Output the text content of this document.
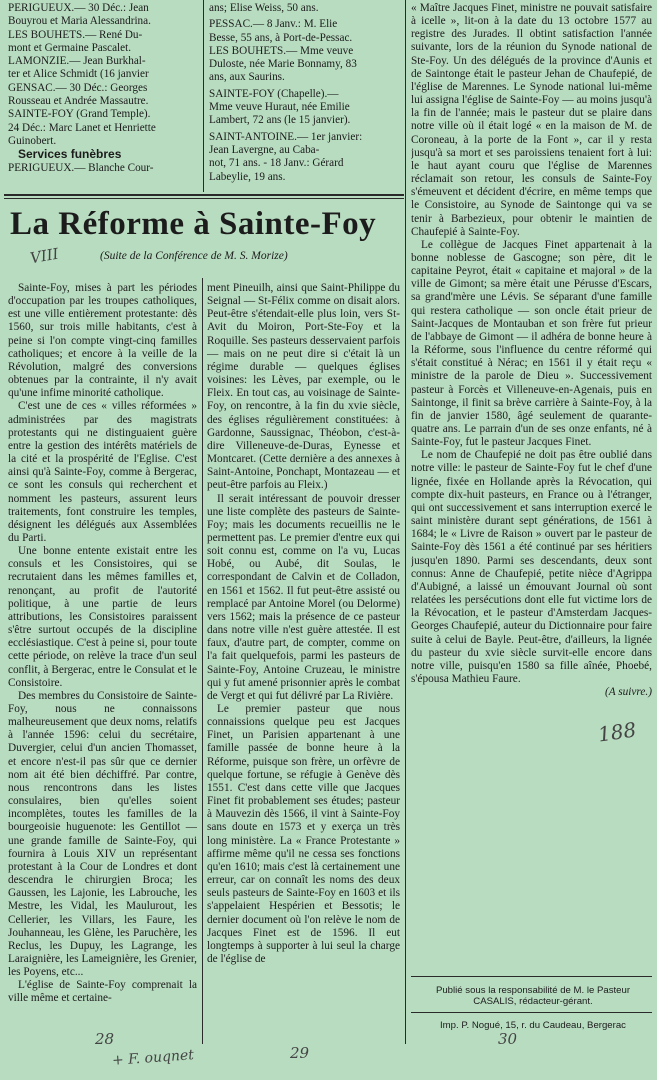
PERIGUEUX.— 30 Déc.: Jean
Bouyrou et Maria Alessandrina.
LES BOUHETS.— René Du-
mont et Germaine Pascalet.
LAMONZIE.— Jean Burkhal-
ter et Alice Schmidt (16 janvier
GENSAC.— 30 Déc.: Georges
Rousseau et Andrée Massautre.
SAINTE-FOY (Grand Temple).
24 Déc.: Marc Lanet et Henriette
Guinobert.
Services funèbres
PERIGUEUX.— Blanche Cour-
ans; Elise Weiss, 50 ans.
PESSAC.— 8 Janv.: M. Elie
Besse, 55 ans, à Port-de-Pessac.
LES BOUHETS.— Mme veuve
Duloste, née Marie Bonnamy, 83
ans, aux Saurins.
SAINTE-FOY (Chapelle).—
Mme veuve Huraut, née Emilie
Lambert, 72 ans (le 15 janvier).
SAINT-ANTOINE.— 1er janvier:
Jean Lavergne, au Caba-
not, 71 ans. - 18 Janv.: Gérard
Labeylie, 19 ans.
La Réforme à Sainte-Foy
(Suite de la Conférence de M. S. Morize)

Sainte-Foy, mises à part les périodes d'occupation par les troupes catholiques, est une ville entièrement protestante: dès 1560, sur trois mille habitants, c'est à peine si l'on compte vingt-cinq familles catholiques; et encore à la veille de la Révolution, malgré des conversions obtenues par la contrainte, il n'y avait qu'une infime minorité catholique.

C'est une de ces « villes réformées » administrées par des magistrats protestants qui ne distinguaient guère entre la gestion des intérêts matériels de la cité et la prospérité de l'Eglise. C'est ainsi qu'à Sainte-Foy, comme à Bergerac, ce sont les consuls qui recherchent et nomment les pasteurs, assurent leurs traitements, font construire les temples, désignent les délégués aux Assemblées du Parti.

Une bonne entente existait entre les consuls et les Consistoires, qui se recrutaient dans les mêmes familles et, renonçant, au profit de l'autorité politique, à une partie de leurs attributions, les Consistoires paraissent s'être surtout occupés de la discipline ecclésiastique. C'est à peine si, pour toute cette période, on relève la trace d'un seul conflit, à Bergerac, entre le Consulat et le Consistoire.

Des membres du Consistoire de Sainte-Foy, nous ne connaissons malheureusement que deux noms, relatifs à l'année 1596: celui du secrétaire, Duvergier, celui d'un ancien Thomasset, et encore n'est-il pas sûr que ce dernier nom ait été bien déchiffré. Par contre, nous rencontrons dans les listes consulaires, bien qu'elles soient incomplètes, toutes les familles de la bourgeoisie huguenote: les Gentillot — une grande famille de Sainte-Foy, qui fournira à Louis XIV un représentant protestant à la Cour de Londres et dont descendra le chirurgien Broca; les Gaussen, les Lajonie, les Labrouche, les Mestre, les Vidal, les Maulurout, les Cellerier, les Villars, les Faure, les Jouhanneau, les Glène, les Paruchère, les Reclus, les Dupuy, les Lagrange, les Laraignière, les Lameignière, les Grenier, les Poyens, etc...

L'église de Sainte-Foy comprenait la ville même et certaine-

ment Pineuilh, ainsi que Saint-Philippe du Seignal — St-Félix comme on disait alors. Peut-être s'étendait-elle plus loin, vers St-Avit du Moiron, Port-Ste-Foy et la Roquille. Ses pasteurs desservaient parfois — mais on ne peut dire si c'était là un régime durable — quelques églises voisines: les Lèves, par exemple, ou le Fleix. En tout cas, au voisinage de Sainte-Foy, on rencontre, à la fin du xvie siècle, des églises régulièrement constituées: à Gardonne, Saussignac, Théobon, c'est-à-dire Villeneuve-de-Duras, Eynesse et Montcaret. (Cette dernière a des annexes à Saint-Antoine, Ponchapt, Montazeau — et peut-être parfois au Fleix.)

Il serait intéressant de pouvoir dresser une liste complète des pasteurs de Sainte-Foy; mais les documents recueillis ne le permettent pas. Le premier d'entre eux qui soit connu est, comme on l'a vu, Lucas Hobé, ou Aubé, dit Soulas, le correspondant de Calvin et de Colladon, en 1561 et 1562. Il fut peut-être assisté ou remplacé par Antoine Morel (ou Delorme) vers 1562; mais la présence de ce pasteur dans notre ville n'est guère attestée. Il est faux, d'autre part, de compter, comme on l'a fait quelquefois, parmi les pasteurs de Sainte-Foy, Antoine Cruzeau, le ministre qui y fut amené prisonnier après le combat de Vergt et qui fut délivré par La Rivière.

Le premier pasteur que nous connaissions quelque peu est Jacques Finet, un Parisien appartenant à une famille passée de bonne heure à la Réforme, puisque son frère, un orfèvre de quelque fortune, se réfugie à Genève dès 1551. C'est dans cette ville que Jacques Finet fit probablement ses études; pasteur à Mauvezin dès 1566, il vint à Sainte-Foy sans doute en 1573 et y exerça un très long ministère. La « France Protestante » affirme même qu'il ne cessa ses fonctions qu'en 1610; mais c'est là certainement une erreur, car on connaît les noms des deux seuls pasteurs de Sainte-Foy en 1603 et ils s'appelaient Hespérien et Bessotis; le dernier document où l'on relève le nom de Jacques Finet est de 1596. Il eut longtemps à supporter à lui seul la charge de l'église de

« Maître Jacques Finet, ministre ne pouvait satisfaire à icelle », lit-on à la date du 13 octobre 1577 au registre des Jurades. Il obtint satisfaction l'année suivante, lors de la réunion du Synode national de Ste-Foy. Un des délégués de la province d'Aunis et de Saintonge était le pasteur Jehan de Chaufepié, de l'église de Marennes. Le Synode national lui-même lui assigna l'église de Sainte-Foy — au moins jusqu'à la fin de l'année; mais le pasteur dut se plaire dans notre ville où il était logé « en la maison de M. de Coroneau, à la porte de la Font », car il y resta jusqu'à sa mort et ses paroissiens tenaient fort à lui: le haut ayant couru que l'église de Marennes réclamait son retour, les consuls de Sainte-Foy s'émeuvent et décident d'écrire, en même temps que le Consistoire, au Synode de Saintonge qui va se tenir à Barbezieux, pour obtenir le maintien de Chaufepié à Sainte-Foy.

Le collègue de Jacques Finet appartenait à la bonne noblesse de Gascogne; son père, dit le capitaine Peyrot, était « capitaine et majoral » de la ville de Gimont; sa mère était une Pérusse d'Escars, sa grand'mère une Lévis. Se séparant d'une famille qui restera catholique — son oncle était prieur de Saint-Jacques de Montauban et son frère fut prieur de l'abbaye de Gimont — il adhéra de bonne heure à la Réforme, sous l'influence du centre réformé qui s'était constitué à Nérac; en 1561 il y était reçu « ministre de la parole de Dieu ». Successivement pasteur à Forcès et Villeneuve-en-Agenais, puis en Saintonge, il finit sa brève carrière à Sainte-Foy, à la fin de janvier 1580, âgé seulement de quarante-quatre ans. Le parrain d'un de ses onze enfants, né à Sainte-Foy, fut le pasteur Jacques Finet.

Le nom de Chaufepié ne doit pas être oublié dans notre ville: le pasteur de Sainte-Foy fut le chef d'une lignée, fixée en Hollande après la Révocation, qui compte dix-huit pasteurs, en France ou à l'étranger, qui ont successivement et sans interruption exercé le saint ministère durant sept générations, de 1561 à 1684; le « Livre de Raison » ouvert par le pasteur de Sainte-Foy dès 1561 a été continué par ses héritiers jusqu'en 1890. Parmi ses descendants, deux sont connus: Anne de Chaufepié, petite nièce d'Agrippa d'Aubigné, a laissé un émouvant Journal où sont relatées les persécutions dont elle fut victime lors de la Révocation, et le pasteur d'Amsterdam Jacques-Georges Chaufepié, auteur du Dictionnaire pour faire suite à celui de Bayle. Peut-être, d'ailleurs, la lignée du pasteur du xvie siècle survit-elle encore dans notre ville, puisqu'en 1580 sa fille aînée, Phoebé, s'épousa Mathieu Faure.

(A suivre.)
Publié sous la responsabilité de M. le Pasteur CASALIS, rédacteur-gérant.
Imp. P. Nogué, 15, r. du Caudeau, Bergerac
VIII
188
28
29
30
+ F. ouqnet
